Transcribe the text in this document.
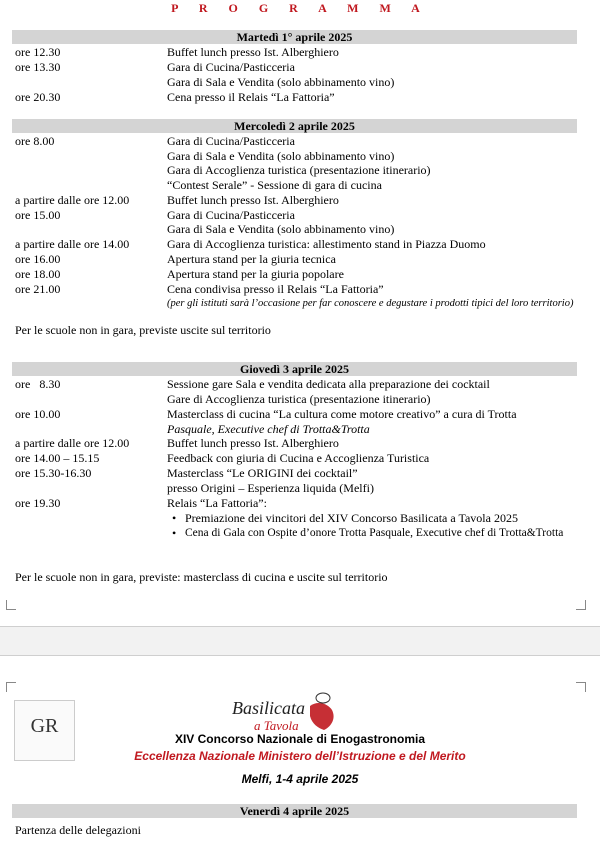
P R O G R A M M A
Martedì 1° aprile 2025
ore 12.30	Buffet lunch presso Ist. Alberghiero
ore 13.30	Gara di Cucina/Pasticceria
Gara di Sala e Vendita (solo abbinamento vino)
ore 20.30	Cena presso il Relais “La Fattoria”
Mercoledì 2 aprile 2025
ore 8.00	Gara di Cucina/Pasticceria
Gara di Sala e Vendita (solo abbinamento vino)
Gara di Accoglienza turistica (presentazione itinerario)
“Contest Serale” - Sessione di gara di cucina
a partire dalle ore 12.00	Buffet lunch presso Ist. Alberghiero
ore 15.00	Gara di Cucina/Pasticceria
Gara di Sala e Vendita (solo abbinamento vino)
a partire dalle ore 14.00	Gara di Accoglienza turistica: allestimento stand in Piazza Duomo
ore 16.00	Apertura stand per la giuria tecnica
ore 18.00	Apertura stand per la giuria popolare
ore 21.00	Cena condivisa presso il Relais “La Fattoria”
(per gli istituti sarà l’occasione per far conoscere e degustare i prodotti tipici del loro territorio)
Per le scuole non in gara, previste uscite sul territorio
Giovedì 3 aprile 2025
ore   8.30	Sessione gare Sala e vendita dedicata alla preparazione dei cocktail
Gare di Accoglienza turistica (presentazione itinerario)
ore 10.00	Masterclass di cucina “La cultura come motore creativo” a cura di Trotta
Pasquale, Executive chef di Trotta&Trotta
a partire dalle ore 12.00	Buffet lunch presso Ist. Alberghiero
ore 14.00 – 15.15	Feedback con giuria di Cucina e Accoglienza Turistica
ore 15.30-16.30	Masterclass “Le ORIGINI dei cocktail”
presso Origini – Esperienza liquida (Melfi)
ore 19.30	Relais “La Fattoria”:
• Premiazione dei vincitori del XIV Concorso Basilicata a Tavola 2025
• Cena di Gala con Ospite d’onore Trotta Pasquale, Executive chef di Trotta&Trotta
Per le scuole non in gara, previste: masterclass di cucina e uscite sul territorio
GR
Basilicata
a Tavola
XIV Concorso Nazionale di Enogastronomia
Eccellenza Nazionale Ministero dell’Istruzione e del Merito
Melfi, 1-4 aprile 2025
Venerdì 4 aprile 2025
Partenza delle delegazioni
